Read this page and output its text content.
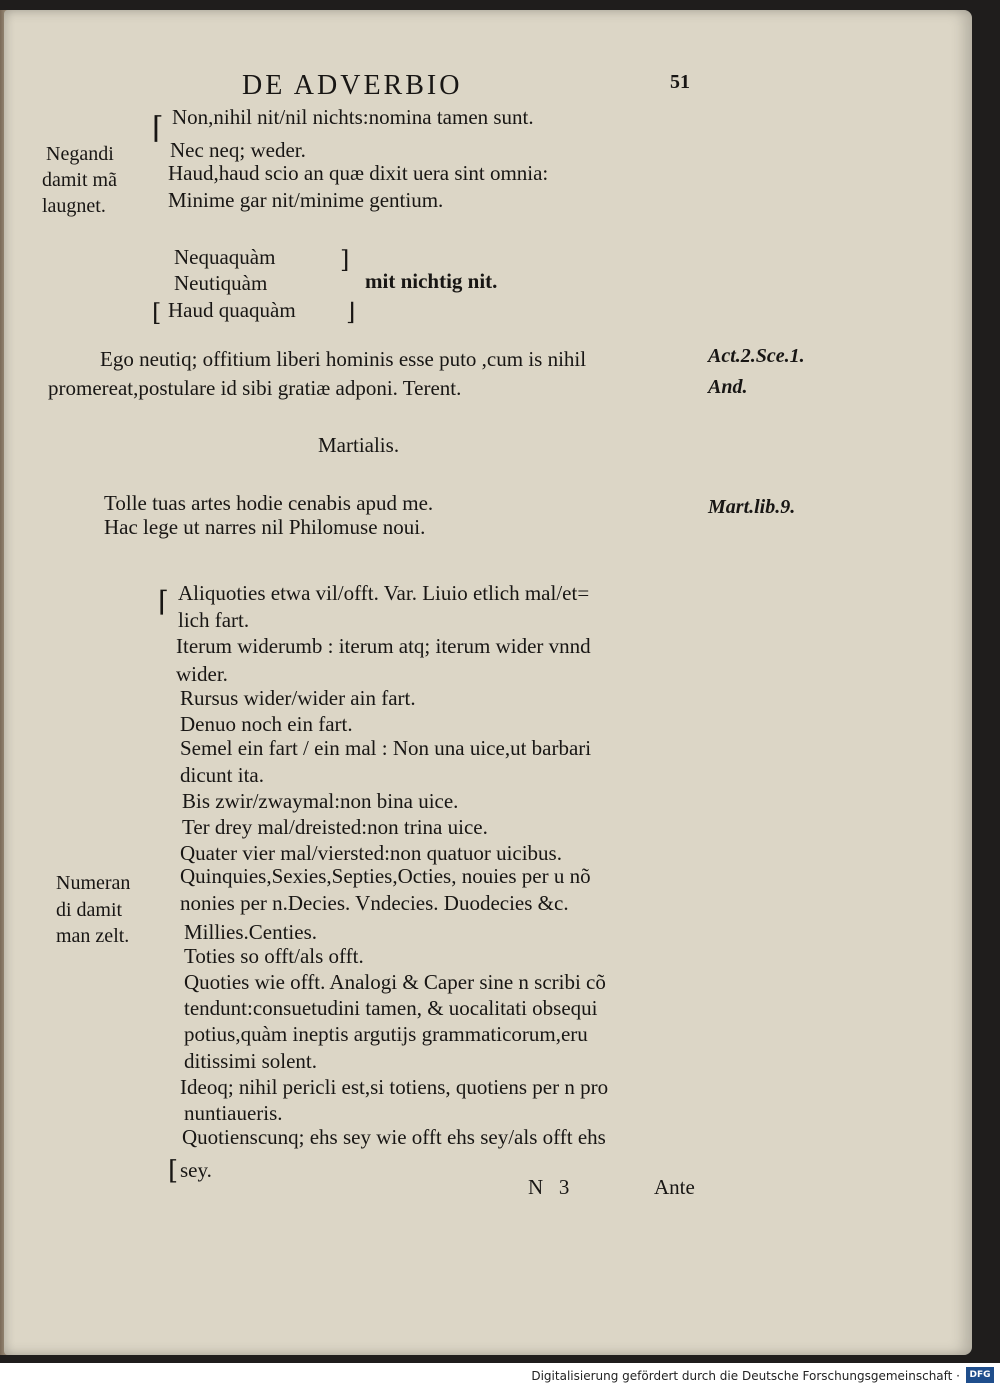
DE ADVERBIO	51
⌈ Non,nihil nit/nil nichts:nomina tamen sunt.
Nec neq; weder.
Haud,haud scio an quæ dixit uera sint omnia:
Minime gar nit/minime gentium.
Negandi
damit mã
laugnet.
Nequaquàm
Neutiquàm
Haud quaquàm
]
[	⌋
mit nichtig nit.
Ego neutiq; offitium liberi hominis esse puto ,cum is nihil
promereat,postulare id sibi gratiæ adponi. Terent.
Act.2.Sce.1.
And.
Martialis.
Tolle tuas artes hodie cenabis apud me.
Hac lege ut narres nil Philomuse noui.
Mart.lib.9.
⌈ Aliquoties etwa vil/offt. Var. Liuio etlich mal/et=
lich fart.
Iterum widerumb : iterum atq; iterum wider vnnd
wider.
Rursus wider/wider ain fart.
Denuo noch ein fart.
Semel ein fart / ein mal : Non una uice,ut barbari
dicunt ita.
Bis zwir/zwaymal:non bina uice.
Ter drey mal/dreisted:non trina uice.
Quater vier mal/viersted:non quatuor uicibus.
Quinquies,Sexies,Septies,Octies, nouies per u nõ
nonies per n.Decies. Vndecies. Duodecies &c.
Millies.Centies.
Toties so offt/als offt.
Quoties wie offt. Analogi & Caper sine n scribi cõ
tendunt:consuetudini tamen, & uocalitati obsequi
potius,quàm ineptis argutijs grammaticorum,eru
ditissimi solent.
Ideoq; nihil pericli est,si totiens, quotiens per n pro
nuntiaueris.
Quotienscunq; ehs sey wie offt ehs sey/als offt ehs
[ sey.
Numeran
di damit
man zelt.
N   3	Ante
Digitalisierung gefördert durch die Deutsche Forschungsgemeinschaft ·	DFG
